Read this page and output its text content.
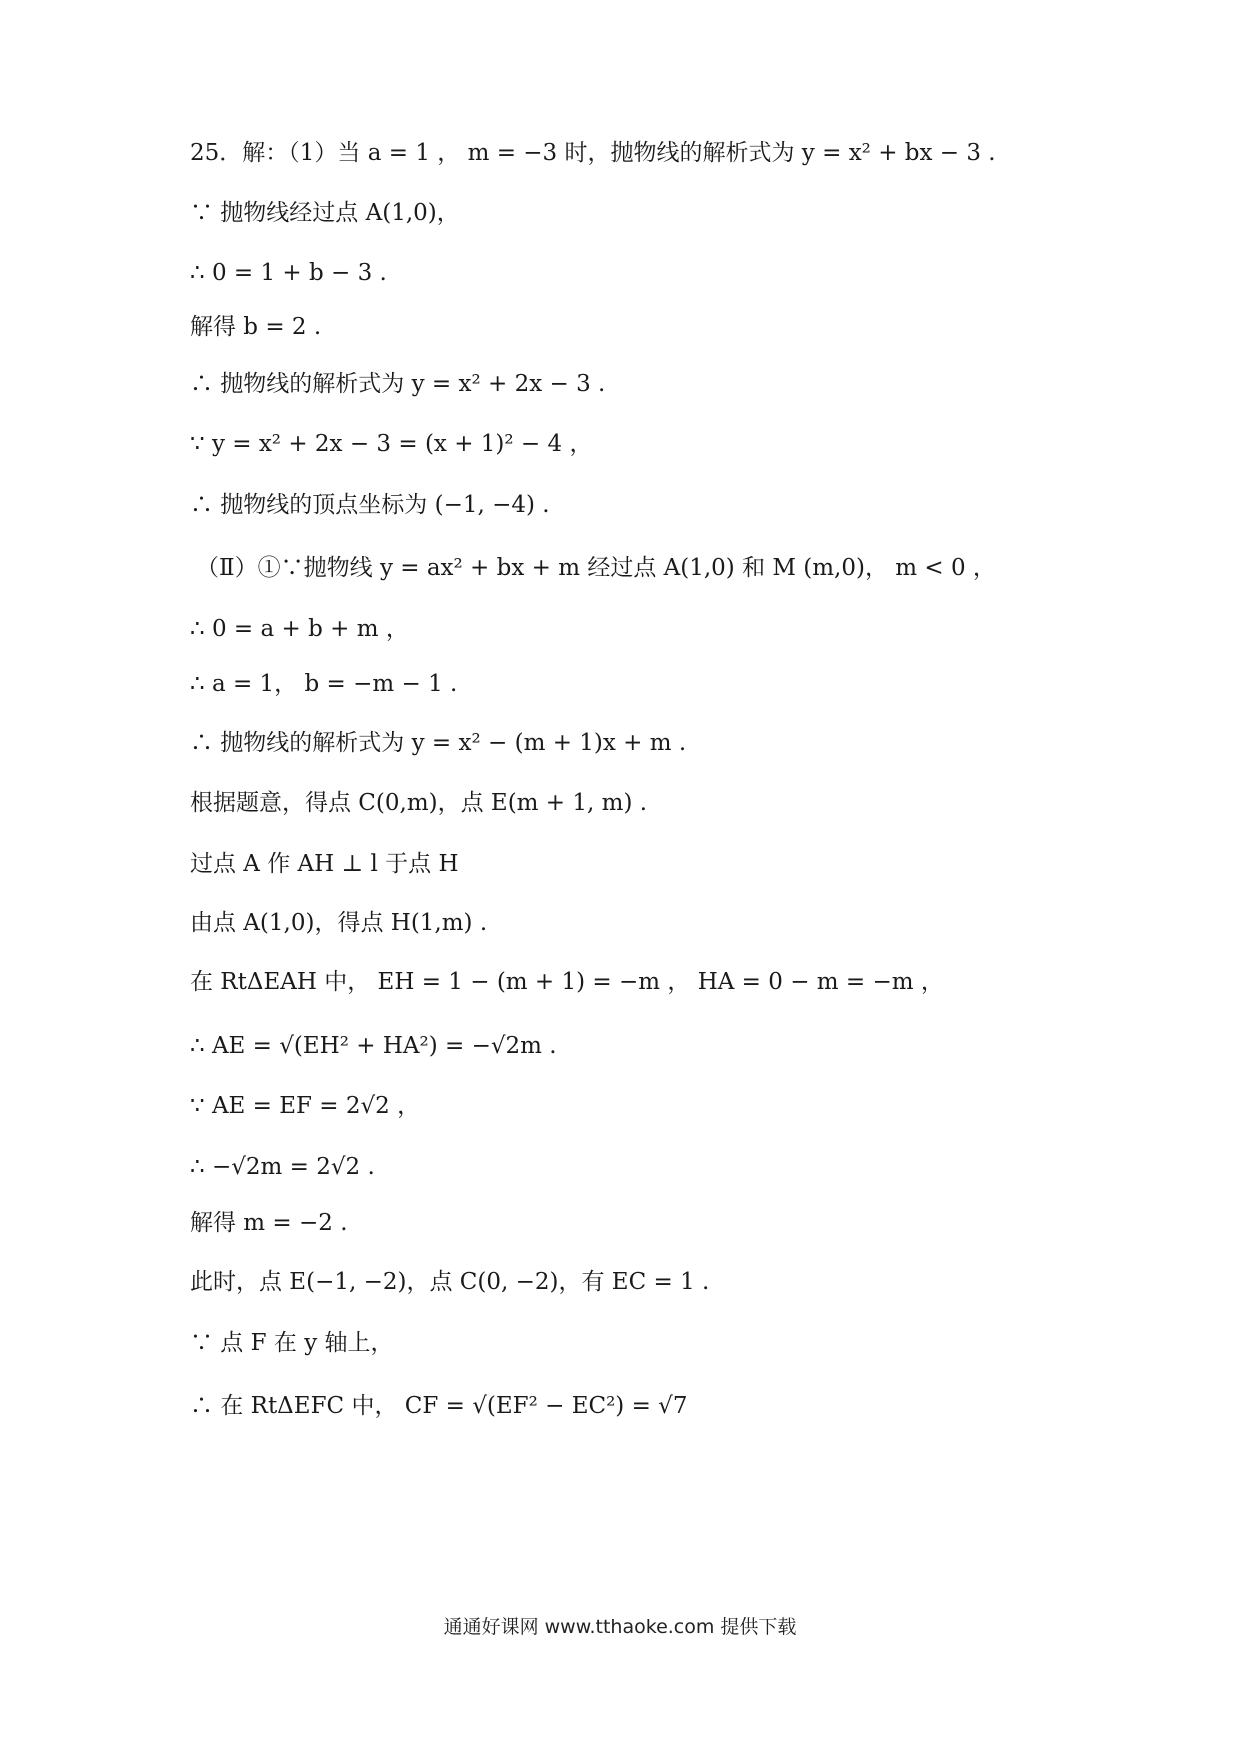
25．解：（1）当 a = 1 ， m = −3 时，抛物线的解析式为 y = x² + bx − 3 .
∵ 抛物线经过点 A(1,0)，
∴ 0 = 1 + b − 3 .
解得 b = 2 .
∴ 抛物线的解析式为 y = x² + 2x − 3 .
∵ y = x² + 2x − 3 = (x + 1)² − 4 ，
∴ 抛物线的顶点坐标为 (−1, −4) .
（Ⅱ）①∵抛物线 y = ax² + bx + m 经过点 A(1,0) 和 M (m,0)， m < 0 ，
∴ 0 = a + b + m ，
∴ a = 1， b = −m − 1 .
∴ 抛物线的解析式为 y = x² − (m + 1)x + m .
根据题意，得点 C(0,m)，点 E(m + 1, m) .
过点 A 作 AH ⊥ l 于点 H
由点 A(1,0)，得点 H(1,m) .
在 RtΔEAH 中， EH = 1 − (m + 1) = −m ， HA = 0 − m = −m ，
∴ AE = √(EH² + HA²) = −√2m .
∵ AE = EF = 2√2 ，
∴ −√2m = 2√2 .
解得 m = −2 .
此时，点 E(−1, −2)，点 C(0, −2)，有 EC = 1 .
∵ 点 F 在 y 轴上，
∴ 在 RtΔEFC 中， CF = √(EF² − EC²) = √7
通通好课网 www.tthaoke.com 提供下载
